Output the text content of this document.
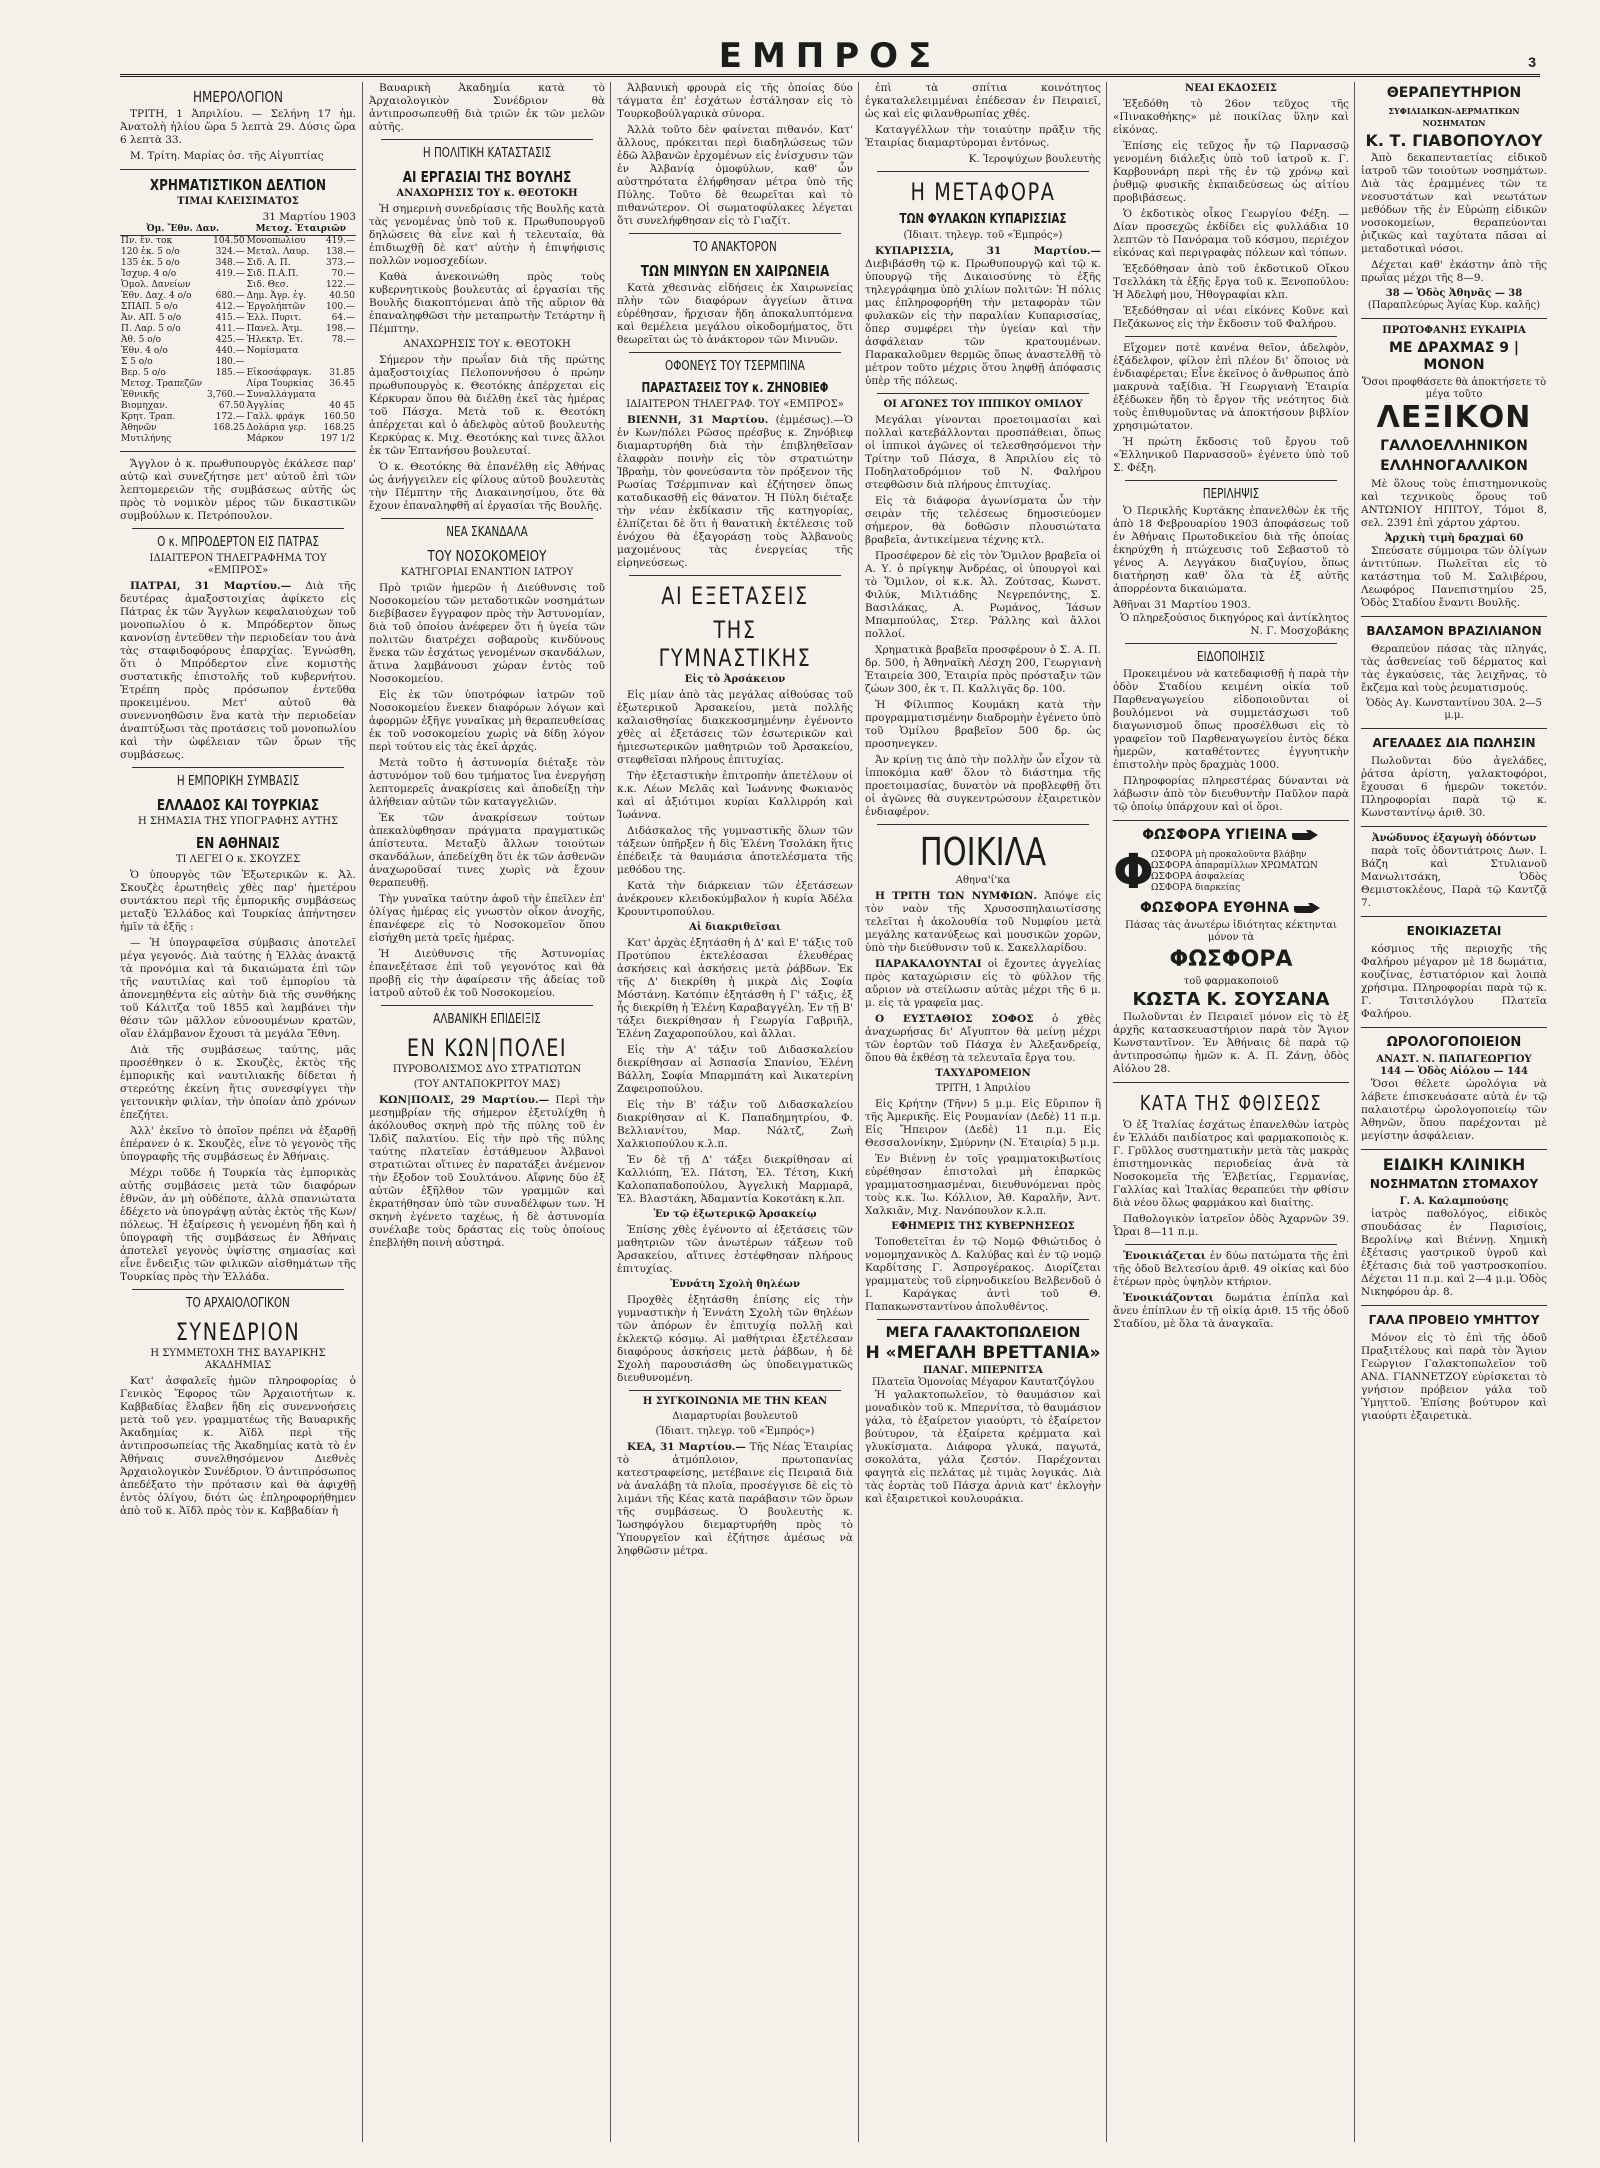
ΕΜΠΡΟΣ	3
ΗΜΕΡΟΛΟΓΙΟΝ

ΤΡΙΤΗ, 1 Ἀπριλίου. — Σελήνη 17 ἡμ. Ἀνατολὴ ἡλίου ὥρα 5 λεπτὰ 29. Δύσις ὥρα 6 λεπτὰ 33.

Μ. Τρίτη. Μαρίας ὁσ. τῆς Αἰγυπτίας

ΧΡΗΜΑΤΙΣΤΙΚΟΝ ΔΕΛΤΙΟΝ
ΤΙΜΑΙ ΚΛΕΙΣΙΜΑΤΟΣ
31 Μαρτίου 1903
Ὀμ. Ἔθν. Δαν.		Μετοχ. Ἐταιριῶν	
Πν. ἔν. τοκ	104.50	Μονοπωλίου	419.—
120 ἑκ. 5 ο/ο	324.—	Μεταλ. Λαυρ.	138.—
135 ἑκ. 5 ο/ο	348.—	Σιδ. Α. Π.	373.—
Ἰσχυρ. 4 ο/ο	419.—	Σιδ. Π.Α.Π.	70.—
Ὁμολ. Δανείων		Σιδ. Θεσ.	122.—
Ἐθν. Δαχ. 4 ο/ο	680.—	Δημ. Ἀγρ. ἐγ.	40.50
ΣΠΑΠ. 5 ο/ο	412.—	Ἐργολήπτῶν	100.—
Ἀν. ΑΠ. 5 ο/ο	415.—	Ἑλλ. Πυριτ.	64.—
Π. Λαρ. 5 ο/ο	411.—	Πανελ. Ἀτμ.	198.—
Ἀθ. 5 ο/ο	425.—	Ἠλεκτρ. Ἐτ.	78.—
Ἐθν. 4 ο/ο	440.—	Νομίσματα	
Σ 5 ο/ο	180.—		
Βερ. 5 ο/ο	185.—	Εἰκοσάφραγκ.	31.85
Μετοχ. Τραπεζῶν		Λίρα Τουρκίας	36.45
Ἐθνικῆς	3,760.—	Συναλλάγματα	
Βιομηχαν.	67.50	Ἀγγλίας	40 45
Κρητ. Τραπ.	172.—	Γαλλ. φράγκ	160.50
Ἀθηνῶν	168.25	Δολάρια γερ.	168.25
Μυτιλήνης		Μάρκον	197 1/2

Ἄγγλον ὁ κ. πρωθυπουργὸς ἐκάλεσε παρ' αὐτῷ καὶ συνεζήτησε μετ' αὐτοῦ ἐπὶ τῶν λεπτομερειῶν τῆς συμβάσεως αὐτῆς ὡς πρὸς τὸ νομικὸν μέρος τῶν δικαστικῶν συμβούλων κ. Πετρόπουλον.

Ο κ. ΜΠΡΟΔΕΡΤΟΝ ΕΙΣ ΠΑΤΡΑΣ
ΙΔΙΑΙΤΕΡΟΝ ΤΗΛΕΓΡΑΦΗΜΑ ΤΟΥ «ΕΜΠΡΟΣ»

ΠΑΤΡΑΙ, 31 Μαρτίου.— Διὰ τῆς δευτέρας ἁμαξοστοιχίας ἀφίκετο εἰς Πάτρας ἐκ τῶν Ἄγγλων κεφαλαιούχων τοῦ μονοπωλίου ὁ κ. Μπρόδερτον ὅπως κανονίσῃ ἐντεῦθεν τὴν περιοδείαν του ἀνὰ τὰς σταφιδοφόρους ἐπαρχίας. Ἐγνώσθη, ὅτι ὁ Μπρόδερτον εἶνε κομιστὴς συστατικῆς ἐπιστολῆς τοῦ κυβερνήτου. Ἐτρέπη πρὸς πρόσωπον ἐντεῦθα προκειμένου. Μετ' αὐτοῦ θὰ συνεννοηθῶσιν ἕνα κατὰ τὴν περιοδείαν ἀναπτύξωσι τὰς προτάσεις τοῦ μονοπωλίου καὶ τὴν ὠφέλειαν τῶν ὅρων τῆς συμβάσεως.

Η ΕΜΠΟΡΙΚΗ ΣΥΜΒΑΣΙΣ
ΕΛΛΑΔΟΣ ΚΑΙ ΤΟΥΡΚΙΑΣ
Η ΣΗΜΑΣΙΑ ΤΗΣ ΥΠΟΓΡΑΦΗΣ ΑΥΤΗΣ
ΕΝ ΑΘΗΝΑΙΣ
ΤΙ ΛΕΓΕΙ Ο κ. ΣΚΟΥΖΕΣ

Ὁ ὑπουργὸς τῶν Ἐξωτερικῶν κ. Ἀλ. Σκουζὲς ἐρωτηθεὶς χθὲς παρ' ἡμετέρου συντάκτου περὶ τῆς ἐμπορικῆς συμβάσεως μεταξὺ Ἑλλάδος καὶ Τουρκίας ἀπήντησεν ἡμῖν τὰ ἑξῆς :

— Ἡ ὑπογραφεῖσα σύμβασις ἀποτελεῖ μέγα γεγονός. Διὰ ταύτης ἡ Ἑλλὰς ἀνακτᾷ τὰ προνόμια καὶ τὰ δικαιώματα ἐπὶ τῶν τῆς ναυτιλίας καὶ τοῦ ἐμπορίου τὰ ἀπονεμηθέντα εἰς αὐτὴν διὰ τῆς συνθήκης τοῦ Κάλιτζα τοῦ 1855 καὶ λαμβάνει τὴν θέσιν τῶν μᾶλλον εὐνοουμένων κρατῶν, οἵαν ἐλάμβανον ἔχουσι τὰ μεγάλα Ἔθνη.

Διὰ τῆς συμβάσεως ταύτης, μᾶς προσέθηκεν ὁ κ. Σκουζὲς, ἐκτὸς τῆς ἐμπορικῆς καὶ ναυτιλιακῆς δίδεται ἡ στερεότης ἐκείνη ἥτις συνεσφίγγει τὴν γειτονικὴν φιλίαν, τὴν ὁποίαν ἀπὸ χρόνων ἐπεζήτει.

Ἀλλ' ἐκεῖνο τὸ ὁποῖον πρέπει νὰ ἐξαρθῇ ἐπέρανεν ὁ κ. Σκουζὲς, εἶνε τὸ γεγονὸς τῆς ὑπογραφῆς τῆς συμβάσεως ἐν Ἀθήναις.

Μέχρι τοῦδε ἡ Τουρκία τὰς ἐμπορικὰς αὐτῆς συμβάσεις μετὰ τῶν διαφόρων ἐθνῶν, ἀν μὴ οὐδέποτε, ἀλλὰ σπανιώτατα ἐδέχετο νὰ ὑπογράψῃ αὐτὰς ἐκτὸς τῆς Κων/πόλεως. Ἡ ἐξαίρεσις ἡ γενομένη ἤδη καὶ ἡ ὑπογραφὴ τῆς συμβάσεως ἐν Ἀθήναις ἀποτελεῖ γεγονὸς ὑψίστης σημασίας καὶ εἶνε ἔνδειξις τῶν φιλικῶν αἰσθημάτων τῆς Τουρκίας πρὸς τὴν Ἑλλάδα.

ΤΟ ΑΡΧΑΙΟΛΟΓΙΚΟΝ
ΣΥΝΕΔΡΙΟΝ
Η ΣΥΜΜΕΤΟΧΗ ΤΗΣ ΒΑΥΑΡΙΚΗΣ ΑΚΑΔΗΜΙΑΣ

Κατ' ἀσφαλεῖς ἡμῶν πληροφορίας ὁ Γενικὸς Ἔφορος τῶν Ἀρχαιοτήτων κ. Καββαδίας ἔλαβεν ἤδη εἰς συνεννοήσεις μετὰ τοῦ γεν. γραμματέως τῆς Βαυαρικῆς Ἀκαδημίας κ. Ἀϊδλ περὶ τῆς ἀντιπροσωπείας τῆς Ἀκαδημίας κατὰ τὸ ἐν Ἀθήναις συνελθησόμενον Διεθνὲς Ἀρχαιολογικὸν Συνέδριον. Ὁ ἀντιπρόσωπος ἀπεδέξατο τὴν πρότασιν καὶ θὰ ἀφιχθῇ ἐντὸς ὀλίγου, διότι ὡς ἐπληροφορήθημεν ἀπὸ τοῦ κ. Ἀϊδλ πρὸς τὸν κ. Καββαδίαν ἡ

Βαυαρικὴ Ἀκαδημία κατὰ τὸ Ἀρχαιολογικὸν Συνέδριον θὰ ἀντιπροσωπευθῇ διὰ τριῶν ἐκ τῶν μελῶν αὐτῆς.

Η ΠΟΛΙΤΙΚΗ ΚΑΤΑΣΤΑΣΙΣ
ΑΙ ΕΡΓΑΣΙΑΙ ΤΗΣ ΒΟΥΛΗΣ
ΑΝΑΧΩΡΗΣΙΣ ΤΟΥ κ. ΘΕΟΤΟΚΗ

Ἡ σημερινὴ συνεδρίασις τῆς Βουλῆς κατὰ τὰς γενομένας ὑπὸ τοῦ κ. Πρωθυπουργοῦ δηλώσεις θὰ εἶνε καὶ ἡ τελευταία, θὰ ἐπιδιωχθῇ δὲ κατ' αὐτὴν ἡ ἐπιψήφισις πολλῶν νομοσχεδίων.

Καθὰ ἀνεκοινώθη πρὸς τοὺς κυβερνητικοὺς βουλευτὰς αἱ ἐργασίαι τῆς Βουλῆς διακοπτόμεναι ἀπὸ τῆς αὔριον θὰ ἐπαναληφθῶσι τὴν μεταπρωτὴν Τετάρτην ἢ Πέμπτην.

ΑΝΑΧΩΡΗΣΙΣ ΤΟΥ κ. ΘΕΟΤΟΚΗ

Σήμερον τὴν πρωΐαν διὰ τῆς πρώτης ἁμαξοστοιχίας Πελοποννήσου ὁ πρώην πρωθυπουργὸς κ. Θεοτόκης ἀπέρχεται εἰς Κέρκυραν ὅπου θὰ διέλθῃ ἐκεῖ τὰς ἡμέρας τοῦ Πάσχα. Μετὰ τοῦ κ. Θεοτόκη ἀπέρχεται καὶ ὁ ἀδελφὸς αὐτοῦ βουλευτὴς Κερκύρας κ. Μιχ. Θεοτόκης καὶ τινες ἄλλοι ἐκ τῶν Ἑπτανήσου βουλευταί.

Ὁ κ. Θεοτόκης θὰ ἐπανέλθῃ εἰς Ἀθήνας ὡς ἀνήγγειλεν εἰς φίλους αὐτοῦ βουλευτὰς τὴν Πέμπτην τῆς Διακαινησίμου, ὅτε θὰ ἔχουν ἐπαναληφθῆ αἱ ἐργασίαι τῆς Βουλῆς.

ΝΕΑ ΣΚΑΝΔΑΛΑ
ΤΟΥ ΝΟΣΟΚΟΜΕΙΟΥ
ΚΑΤΗΓΟΡΙΑΙ ΕΝΑΝΤΙΟΝ ΙΑΤΡΟΥ

Πρὸ τριῶν ἡμερῶν ἡ Διεύθυνσις τοῦ Νοσοκομείου τῶν μεταδοτικῶν νοσημάτων διεβίβασεν ἔγγραφον πρὸς τὴν Ἀστυνομίαν, διὰ τοῦ ὁποίου ἀνέφερεν ὅτι ἡ ὑγεία τῶν πολιτῶν διατρέχει σοβαροὺς κινδύνους ἕνεκα τῶν ἐσχάτως γενομένων σκανδάλων, ἅτινα λαμβάνουσι χώραν ἐντὸς τοῦ Νοσοκομείου.

Εἰς ἐκ τῶν ὑποτρόφων ἰατρῶν τοῦ Νοσοκομείου ἕνεκεν διαφόρων λόγων καὶ ἀφορμῶν ἐξῆγε γυναῖκας μὴ θεραπευθείσας ἐκ τοῦ νοσοκομείου χωρὶς νὰ δίδῃ λόγον περὶ τούτου εἰς τὰς ἐκεῖ ἀρχάς.

Μετὰ τοῦτο ἡ ἀστυνομία διέταξε τὸν ἀστυνόμον τοῦ 6ου τμήματος ἵνα ἐνεργήσῃ λεπτομερεῖς ἀνακρίσεις καὶ ἀποδείξῃ τὴν ἀλήθειαν αὐτῶν τῶν καταγγελιῶν.

Ἐκ τῶν ἀνακρίσεων τούτων ἀπεκαλύφθησαν πράγματα πραγματικῶς ἀπίστευτα. Μεταξὺ ἄλλων τοιούτων σκανδάλων, ἀπεδείχθη ὅτι ἐκ τῶν ἀσθενῶν ἀναχωροῦσαί τινες χωρὶς νὰ ἔχουν θεραπευθῇ.

Τὴν γυναῖκα ταύτην ἀφοῦ τὴν ἐπεῖλεν ἐπ' ὀλίγας ἡμέρας εἰς γνωστὸν οἶκον ἀνοχῆς, ἐπανέφερε εἰς τὸ Νοσοκομεῖον ὅπου εἰσήχθη μετὰ τρεῖς ἡμέρας.

Ἡ Διεύθυνσις τῆς Ἀστυνομίας ἐπανεξέτασε ἐπὶ τοῦ γεγονότος καὶ θὰ προβῇ εἰς τὴν ἀφαίρεσιν τῆς ἀδείας τοῦ ἰατροῦ αὐτοῦ ἐκ τοῦ Νοσοκομείου.

ΑΛΒΑΝΙΚΗ ΕΠΙΔΕΙΞΙΣ
ΕΝ ΚΩΝ|ΠΟΛΕΙ
ΠΥΡΟΒΟΛΙΣΜΟΣ ΔΥΟ ΣΤΡΑΤΙΩΤΩΝ
(ΤΟΥ ΑΝΤΑΠΟΚΡΙΤΟΥ ΜΑΣ)

ΚΩΝ|ΠΟΛΙΣ, 29 Μαρτίου.— Περὶ τὴν μεσημβρίαν τῆς σήμερον ἐξετυλίχθη ἡ ἀκόλουθος σκηνὴ πρὸ τῆς πύλης τοῦ ἐν Ἰλδὶζ παλατίου. Εἰς τὴν πρὸ τῆς πύλης ταύτης πλατεῖαν ἑστάθμευον Ἀλβανοὶ στρατιῶται οἵτινες ἐν παρατάξει ἀνέμενον τὴν ἔξοδον τοῦ Σουλτάνου. Αἴφνης δύο ἐξ αὐτῶν ἐξῆλθον τῶν γραμμῶν καὶ ἐκρατήθησαν ὑπὸ τῶν συναδέλφων των. Ἡ σκηνὴ ἐγένετο ταχέως, ἡ δὲ ἀστυνομία συνέλαβε τοὺς δράστας εἰς τοὺς ὁποίους ἐπεβλήθη ποινὴ αὐστηρά.

Ἀλβανικὴ φρουρὰ εἰς τῆς ὁποίας δύο τάγματα ἐπ' ἐσχάτων ἐστάλησαν εἰς τὸ Τουρκοβούλγαρικὰ σύνορα.

Ἀλλὰ τοῦτο δὲν φαίνεται πιθανόν. Κατ' ἄλλους, πρόκειται περὶ διαδηλώσεως τῶν ἐδῶ Ἀλβανῶν ἐρχομένων εἰς ἐνίσχυσιν τῶν ἐν Ἀλβανίᾳ ὁμοφύλων, καθ' ὧν αὐστηρότατα ἐλήφθησαν μέτρα ὑπὸ τῆς Πύλης. Τοῦτο δὲ θεωρεῖται καὶ τὸ πιθανώτερον. Οἱ σωματοφύλακες λέγεται ὅτι συνελήφθησαν εἰς τὸ Γιαζίτ.

ΤΟ ΑΝΑΚΤΟΡΟΝ
ΤΩΝ ΜΙΝΥΩΝ ΕΝ ΧΑΙΡΩΝΕΙΑ

Κατὰ χθεσινὰς εἰδήσεις ἐκ Χαιρωνείας πλὴν τῶν διαφόρων ἀγγείων ἅτινα εὑρέθησαν, ἤρχισαν ἤδη ἀποκαλυπτόμενα καὶ θεμέλεια μεγάλου οἰκοδομήματος, ὅτι θεωρεῖται ὡς τὸ ἀνάκτορον τῶν Μινυῶν.

ΟΦΟΝΕΥΣ ΤΟΥ ΤΣΕΡΜΠΙΝΑ
ΠΑΡΑΣΤΑΣΕΙΣ ΤΟΥ κ. ΖΗΝΟΒΙΕΦ
ΙΔΙΑΙΤΕΡΟΝ ΤΗΛΕΓΡΑΦ. ΤΟΥ «ΕΜΠΡΟΣ»

ΒΙΕΝΝΗ, 31 Μαρτίου. (ἐμμέσως).—Ὁ ἐν Κων/πόλει Ρῶσος πρέσβυς κ. Ζηνόβιεφ διαμαρτυρήθη διὰ τὴν ἐπιβληθεῖσαν ἐλαφρὰν ποινὴν εἰς τὸν στρατιώτην Ἰβραὴμ, τὸν φονεύσαντα τὸν πρόξενον τῆς Ρωσίας Τσέρμπιναν καὶ ἐζήτησεν ὅπως καταδικασθῇ εἰς θάνατον. Ἡ Πύλη διέταξε τὴν νέαν ἐκδίκασιν τῆς κατηγορίας, ἐλπίζεται δὲ ὅτι ἡ θανατικὴ ἐκτέλεσις τοῦ ἐνόχου θὰ ἐξαγοράσῃ τοὺς Ἀλβανοὺς μαχομένους τὰς ἐνεργείας τῆς εἰρηνεύσεως.

ΑΙ ΕΞΕΤΑΣΕΙΣ
ΤΗΣ ΓΥΜΝΑΣΤΙΚΗΣ
Εἰς τὸ Ἀρσάκειον

Εἰς μίαν ἀπὸ τὰς μεγάλας αἰθούσας τοῦ ἐξωτερικοῦ Ἀρσακείου, μετὰ πολλῆς καλαισθησίας διακεκοσμημένην ἐγένοντο χθὲς αἱ ἐξετάσεις τῶν ἐσωτερικῶν καὶ ἡμιεσωτερικῶν μαθητριῶν τοῦ Ἀρσακείου, στεφθεῖσαι πλήρους ἐπιτυχίας.

Τὴν ἐξεταστικὴν ἐπιτροπὴν ἀπετέλουν οἱ κ.κ. Λέων Μελᾶς καὶ Ἰωάννης Φωκιανὸς καὶ αἱ ἀξιότιμοι κυρίαι Καλλιρρόη καὶ Ἰωάννα.

Διδάσκαλος τῆς γυμναστικῆς ὅλων τῶν τάξεων ὑπῆρξεν ἡ δὶς Ἑλένη Τσολάκη ἥτις ἐπέδειξε τὰ θαυμάσια ἀποτελέσματα τῆς μεθόδου της.

Κατὰ τὴν διάρκειαν τῶν ἐξετάσεων ἀνέκρουεν κλειδοκύμβαλον ἡ κυρία Ἀδέλα Κρουντιροπούλου.

Αἱ διακριθεῖσαι

Κατ' ἀρχὰς ἐξητάσθη ἡ Δ' καὶ Ε' τάξις τοῦ Προτύπου ἐκτελέσασαι ἐλευθέρας ἀσκήσεις καὶ ἀσκήσεις μετὰ ῥάβδων. Ἐκ τῆς Δ' διεκρίθη ἡ μικρὰ Δὶς Σοφία Μόστάνη. Κατόπιν ἐξητάσθη ἡ Γ' τάξις, ἐξ ἧς διεκρίθη ἡ Ἐλένη Καραβαγγέλη. Ἐν τῇ Β' τάξει διεκρίθησαν ἡ Γεωργία Γαβριῆλ, Ἑλένη Ζαχαροπούλου, καὶ ἄλλαι.

Εἰς τὴν Α' τάξιν τοῦ Διδασκαλείου διεκρίθησαν αἱ Ἀσπασία Σπανίου, Ἑλένη Βάλλη, Σοφία Μπαρμπάτη καὶ Ἀικατερίνη Ζαφειροπούλου.

Εἰς τὴν Β' τάξιν τοῦ Διδασκαλείου διακρίθησαν αἱ Κ. Παπαδημητρίου, Φ. Βελλιανίτου, Μαρ. Νάλτζ, Ζωὴ Χαλκιοπούλου κ.λ.π.

Ἐν δὲ τῇ Δ' τάξει διεκρίθησαν αἱ Καλλιόπη, Ἐλ. Πάτση, Ἐλ. Τέτση, Κική Καλοπαπαδοπούλου, Ἀγγελικὴ Μαρμαρᾶ, Ἐλ. Βλαστάκη, Ἀδαμαντία Κοκοτάκη κ.λπ.

Ἐν τῷ ἐξωτερικῷ Ἀρσακείῳ

Ἐπίσης χθὲς ἐγένοντο αἱ ἐξετάσεις τῶν μαθητριῶν τῶν ἀνωτέρων τάξεων τοῦ Ἀρσακείου, αἵτινες ἐστέφθησαν πλήρους ἐπιτυχίας.

Ἐννάτη Σχολὴ θηλέων

Προχθὲς ἐξητάσθη ἐπίσης εἰς τὴν γυμναστικὴν ἡ Ἐννάτη Σχολὴ τῶν θηλέων τῶν ἀπόρων ἐν ἐπιτυχίᾳ πολλῇ καὶ ἐκλεκτῷ κόσμῳ. Αἱ μαθήτριαι ἐξετέλεσαν διαφόρους ἀσκήσεις μετὰ ῥάβδων, ἡ δὲ Σχολὴ παρουσιάσθη ὡς ὑποδειγματικῶς διευθυνομένη.

Η ΣΥΓΚΟΙΝΩΝΙΑ ΜΕ ΤΗΝ ΚΕΑΝ
Διαμαρτυρίαι βουλευτοῦ
(Ἰδιαιτ. τηλεγρ. τοῦ «Ἐμπρός»)

ΚΕΑ, 31 Μαρτίου.— Τῆς Νέας Ἑταιρίας τὸ ἀτμόπλοιον, πρωτοπανίας κατεστραφείσης, μετέβαινε εἰς Πειραιᾶ διὰ νὰ ἀναλάβῃ τὰ πλοῖα, προσέγγισε δὲ εἰς τὸ λιμάνι τῆς Κέας κατὰ παράβασιν τῶν ὅρων τῆς συμβάσεως. Ὁ βουλευτὴς κ. Ἰωσηφόγλου διεμαρτυρήθη πρὸς τὸ Ὑπουργεῖον καὶ ἐζήτησε ἀμέσως νὰ ληφθῶσιν μέτρα.

ἐπὶ τὰ σπίτια κοινότητος ἐγκαταλελειμμέναι ἐπέδεσαν ἐν Πειραιεῖ, ὡς καὶ εἰς φιλανθρωπίας χθές.

Καταγγέλλων τὴν τοιαύτην πρᾶξιν τῆς Ἑταιρίας διαμαρτύρομαι ἐντόνως.

Κ. Ἱεροψύχων βουλευτὴς
Η ΜΕΤΑΦΟΡΑ
ΤΩΝ ΦΥΛΑΚΩΝ ΚΥΠΑΡΙΣΣΙΑΣ
(Ἰδιαιτ. τηλεγρ. τοῦ «Ἐμπρός»)

ΚΥΠΑΡΙΣΣΙΑ, 31 Μαρτίου.— Διεβιβάσθη τῷ κ. Πρωθυπουργῷ καὶ τῷ κ. ὑπουργῷ τῆς Δικαιοσύνης τὸ ἑξῆς τηλεγράφημα ὑπὸ χιλίων πολιτῶν: Ἡ πόλις μας ἐπληροφορήθη τὴν μεταφορὰν τῶν φυλακῶν εἰς τὴν παραλίαν Κυπαρισσίας, ὅπερ συμφέρει τὴν ὑγείαν καὶ τὴν ἀσφάλειαν τῶν κρατουμένων. Παρακαλοῦμεν θερμῶς ὅπως ἀναστελθῇ τὸ μέτρον τοῦτο μέχρις ὅτου ληφθῇ ἀπόφασις ὑπὲρ τῆς πόλεως.

ΟΙ ΑΓΩΝΕΣ ΤΟΥ ΙΠΠΙΚΟΥ ΟΜΙΛΟΥ

Μεγάλαι γίνονται προετοιμασίαι καὶ πολλαὶ κατεβάλλονται προσπάθειαι, ὅπως οἱ ἱππικοὶ ἀγῶνες οἱ τελεσθησόμενοι τὴν Τρίτην τοῦ Πάσχα, 8 Ἀπριλίου εἰς τὸ Ποδηλατοδρόμιον τοῦ Ν. Φαλήρου στεφθῶσιν διὰ πλήρους ἐπιτυχίας.

Εἰς τὰ διάφορα ἀγωνίσματα ὧν τὴν σειρὰν τῆς τελέσεως δημοσιεύομεν σήμερον, θὰ δοθῶσιν πλουσιώτατα βραβεῖα, ἀντικείμενα τέχνης κτλ.

Προσέφερον δὲ εἰς τὸν Ὅμιλον βραβεῖα οἱ Α. Υ. ὁ πρίγκηψ Ἀνδρέας, οἱ ὑπουργοὶ καὶ τὸ Ὅμιλον, οἱ κ.κ. Ἀλ. Ζούτσας, Κωνστ. Φιλύκ, Μιλτιάδης Νεγρεπόντης, Σ. Βασιλάκας, Α. Ρωμάνος, Ἰάσων Μπαμπούλας, Στερ. Ῥάλλης καὶ ἄλλοι πολλοί.

Χρηματικὰ βραβεῖα προσφέρουν ὁ Σ. Α. Π. δρ. 500, ἡ Ἀθηναϊκὴ Λέσχη 200, Γεωργιανὴ Ἑταιρεία 300, Ἑταιρία πρὸς πρόσταξιν τῶν ζώων 300, ἐκ τ. Π. Καλλιγᾶς δρ. 100.

Ἡ Φίλιππος Κουμάκη κατὰ τὴν προγραμματισμένην διαδρομὴν ἐγένετο ὑπὸ τοῦ Ὁμίλου βραβεῖον 500 δρ. ὡς προσηνεγκεν.

Ἀν κρίνῃ τις ἀπὸ τὴν πολλὴν ὧν εἶχον τὰ ἱπποκόμια καθ' ὅλον τὸ διάστημα τῆς προετοιμασίας, δυνατὸν νὰ προβλεφθῇ ὅτι οἱ ἀγῶνες θὰ συγκεντρώσουν ἐξαιρετικὸν ἐνδιαφέρον.

ΠΟΙΚΙΛΑ
Αθηνα'ί'κα

Η ΤΡΙΤΗ ΤΩΝ ΝΥΜΦΙΩΝ. Ἀπόψε εἰς τὸν ναὸν τῆς Χρυσοσπηλαιωτίσσης τελεῖται ἡ ἀκολουθία τοῦ Νυμφίου μετὰ μεγάλης κατανύξεως καὶ μουσικῶν χορῶν, ὑπὸ τὴν διεύθυνσιν τοῦ κ. Σακελλαρίδου.

ΠΑΡΑΚΑΛΟΥΝΤΑΙ οἱ ἔχοντες ἀγγελίας πρὸς καταχώρισιν εἰς τὸ φύλλον τῆς αὔριον νὰ στείλωσιν αὐτὰς μέχρι τῆς 6 μ. μ. εἰς τὰ γραφεῖα μας.

Ο ΕΥΣΤΑΘΙΟΣ ΣΟΦΟΣ ὁ χθὲς ἀναχωρήσας δι' Αἴγυπτον θὰ μείνῃ μέχρι τῶν ἑορτῶν τοῦ Πάσχα ἐν Ἀλεξανδρείᾳ, ὅπου θὰ ἐκθέσῃ τὰ τελευταῖα ἔργα του.

ΤΑΧΥΔΡΟΜΕΙΟΝ
ΤΡΙΤΗ, 1 Ἀπριλίου

Εἰς Κρήτην (Τῆνν) 5 μ.μ. Εἰς Εὔριπον ἢ τῆς Ἀμερικῆς. Εἰς Ρουμανίαν (Δεδὲ) 11 π.μ. Εἰς Ἤπειρον (Δεδὲ) 11 π.μ. Εἰς Θεσσαλονίκην, Σμύρνην (Ν. Ἑταιρία) 5 μ.μ.

Ἐν Βιέννῃ ἐν τοῖς γραμματοκιβωτίοις εὑρέθησαν ἐπιστολαὶ μὴ ἐπαρκῶς γραμματοσημασμέναι, διευθυνόμεναι πρὸς τοὺς κ.κ. Ἰω. Κόλλιον, Ἀθ. Καραλῆν, Ἀντ. Χαλκιᾶν, Μιχ. Νανόπουλον κ.λ.π.

ΕΦΗΜΕΡΙΣ ΤΗΣ ΚΥΒΕΡΝΗΣΕΩΣ

Τοποθετεῖται ἐν τῷ Νομῷ Φθιώτιδος ὁ νομομηχανικὸς Δ. Καλύβας καὶ ἐν τῷ νομῷ Καρδίτσης Γ. Ἀσπρογέρακος. Διορίζεται γραμματεὺς τοῦ εἰρηνοδικείου Βελβενδοῦ ὁ Ι. Καράγκας ἀντὶ τοῦ Θ. Παπακωνσταντίνου ἀπολυθέντος.

ΜΕΓΑ ΓΑΛΑΚΤΟΠΩΛΕΙΟΝ
Η «ΜΕΓΑΛΗ ΒΡΕΤΤΑΝΙΑ»
ΠΑΝΑΓ. ΜΠΕΡΝΙΤΣΑ
Πλατεῖα Ὁμονοίας Μέγαρον Καυτατζόγλου

Ἡ γαλακτοπωλεῖον, τὸ θαυμάσιον καὶ μοναδικὸν τοῦ κ. Μπερνίτσα, τὸ θαυμάσιον γάλα, τὸ ἐξαίρετον γιαούρτι, τὸ ἐξαίρετον βούτυρον, τὰ ἐξαίρετα κρέμματα καὶ γλυκίσματα. Διάφορα γλυκά, παγωτά, σοκολάτα, γάλα ζεστόν. Παρέχονται φαγητὰ εἰς πελάτας μὲ τιμὰς λογικάς. Διὰ τὰς ἑορτὰς τοῦ Πάσχα ἀρνιὰ κατ' ἐκλογὴν καὶ ἐξαιρετικοὶ κουλουράκια.

ΝΕΑΙ ΕΚΔΟΣΕΙΣ

Ἐξεδόθη τὸ 26ον τεῦχος τῆς «Πινακοθήκης» μὲ ποικίλας ὕλην καὶ εἰκόνας.

Ἐπίσης εἰς τεῦχος ἦν τῷ Παρνασσῷ γενομένη διάλεξις ὑπὸ τοῦ ἰατροῦ κ. Γ. Καρβουνάρη περὶ τῆς ἐν τῷ χρόνῳ καὶ ῥυθμῷ φυσικῆς ἐκπαιδεύσεως ὡς αἰτίου προβιβάσεως.

Ὁ ἐκδοτικὸς οἶκος Γεωργίου Φέξη. — Δίαν προσεχῶς ἐκδίδει εἰς φυλλάδια 10 λεπτῶν τὸ Πανόραμα τοῦ κόσμου, περιέχον εἰκόνας καὶ περιγραφὰς πόλεων καὶ τόπων.

Ἐξεδόθησαν ἀπὸ τοῦ ἐκδοτικοῦ Οἴκου Τσελλάκη τὰ ἑξῆς ἔργα τοῦ κ. Ξενοπούλου: Ἡ Ἀδελφή μου, Ἠθογραφίαι κλπ.

Ἐξεδόθησαν αἱ νέαι εἰκόνες Κοῦνε καὶ Πεζάκωνος εἰς τὴν ἔκδοσιν τοῦ Φαλήρου.

Εἴχομεν ποτὲ κανένα θεῖον, ἀδελφὸν, ἐξάδελφον, φίλον ἐπὶ πλέον δι' ὅποιος νὰ ἐνδιαφέρεται; Εἶνε ἐκεῖνος ὁ ἄνθρωπος ἀπὸ μακρυνὰ ταξίδια. Ἡ Γεωργιανὴ Ἑταιρία ἐξέδωκεν ἤδη τὸ ἔργον τῆς νεότητος διὰ τοὺς ἐπιθυμοῦντας νὰ ἀποκτήσουν βιβλίον χρησιμώτατον.

Ἡ πρώτη ἔκδοσις τοῦ ἔργου τοῦ «Ἑλληνικοῦ Παρνασσοῦ» ἐγένετο ὑπὸ τοῦ Σ. Φέξη.

ΠΕΡΙΛΗΨΙΣ

Ὁ Περικλῆς Κυρτάκης ἐπανελθὼν ἐκ τῆς ἀπὸ 18 Φεβρουαρίου 1903 ἀποφάσεως τοῦ ἐν Ἀθήναις Πρωτοδικείου διὰ τῆς ὁποίας ἐκηρύχθη ἡ πτώχευσις τοῦ Σεβαστοῦ τὸ γένος Α. Λεγγάκου διαζυγίου, ὅπως διατήρησῃ καθ' ὅλα τὰ ἐξ αὐτῆς ἀπορρέοντα δικαιώματα.

Ἀθῆναι 31 Μαρτίου 1903.
Ὁ πληρεξούσιος δικηγόρος καὶ ἀντίκλητος Ν. Γ. Μοσχοβάκης
ΕΙΔΟΠΟΙΗΣΙΣ

Προκειμένου νὰ κατεδαφισθῇ ἡ παρὰ τὴν ὁδὸν Σταδίου κειμένη οἰκία τοῦ Παρθεναγωγείου εἰδοποιοῦνται οἱ βουλόμενοι νὰ συμμετάσχωσι τοῦ διαγωνισμοῦ ὅπως προσέλθωσι εἰς τὸ γραφεῖον τοῦ Παρθεναγωγείου ἐντὸς δέκα ἡμερῶν, καταθέτοντες ἐγγυητικὴν ἐπιστολὴν πρὸς δραχμὰς 1000.

Πληροφορίας πληρεστέρας δύνανται νὰ λάβωσιν ἀπὸ τὸν διευθυντὴν Παῦλον παρὰ τῷ ὁποίῳ ὑπάρχουν καὶ οἱ ὅροι.

ΦΩΣΦΟΡΑ ΥΓΙΕΙΝΑ
Φ
ΩΣΦΟΡΑ μὴ προκαλοῦντα βλάβην
ΩΣΦΟΡΑ ἀπαραμίλλων ΧΡΩΜΑΤΩΝ
ΩΣΦΟΡΑ ἀσφαλείας
ΩΣΦΟΡΑ διαρκείας
ΦΩΣΦΟΡΑ ΕΥΘΗΝΑ
Πάσας τὰς ἀνωτέρω ἰδιότητας κέκτηνται μόνον τὰ
ΦΩΣΦΟΡΑ
τοῦ φαρμακοποιοῦ
ΚΩΣΤΑ Κ. ΣΟΥΣΑΝΑ

Πωλοῦνται ἐν Πειραιεῖ μόνον εἰς τὸ ἐξ ἀρχῆς κατασκευαστήριον παρὰ τὸν Ἅγιον Κωνσταντῖνον. Ἐν Ἀθήναις δὲ παρὰ τῷ ἀντιπροσώπῳ ἡμῶν κ. Α. Π. Ζάνῃ, ὁδὸς Αἰόλου 28.

ΚΑΤΑ ΤΗΣ ΦΘΙΣΕΩΣ

Ὁ ἐξ Ἰταλίας ἐσχάτως ἐπανελθὼν ἰατρὸς ἐν Ἑλλάδι παιδίατρος καὶ φαρμακοποιὸς κ. Γ. Γρῦλλος συστηματικὴν μετὰ τὰς μακρὰς ἐπιστημονικὰς περιοδείας ἀνὰ τὰ Νοσοκομεῖα τῆς Ἑλβετίας, Γερμανίας, Γαλλίας καὶ Ἰταλίας θεραπεύει τὴν φθίσιν διὰ νέου ὅλως φαρμάκου καὶ διαίτης.

Παθολογικὸν ἰατρεῖον ὁδὸς Ἀχαρνῶν 39. Ὧραι 8—11 π.μ.

Ἐνοικιάζεται ἐν δύω πατώματα τῆς ἐπὶ τῆς ὁδοῦ Βελτεσίου ἀριθ. 49 οἰκίας καὶ δύο ἑτέρων πρὸς ὑψηλὸν κτήριον.

Ἐνοικιάζονται δωμάτια ἐπίπλα καὶ ἄνευ ἐπίπλων ἐν τῇ οἰκίᾳ ἀριθ. 15 τῆς ὁδοῦ Σταδίου, μὲ ὅλα τὰ ἀναγκαῖα.

ΘΕΡΑΠΕΥΤΗΡΙΟΝ
ΣΥΦΙΛΙΔΙΚΩΝ-ΔΕΡΜΑΤΙΚΩΝ ΝΟΣΗΜΑΤΩΝ
Κ. Τ. ΓΙΑΒΟΠΟΥΛΟΥ

Ἀπὸ δεκαπενταετίας εἰδικοῦ ἰατροῦ τῶν τοιούτων νοσημάτων. Διὰ τὰς ἐραμμένες τῶν τε νεοσυστάτων καὶ νεωτάτων μεθόδων τῆς ἐν Εὐρώπῃ εἰδικῶν νοσοκομείων, θεραπεύονται ῥιζικῶς καὶ ταχύτατα πᾶσαι αἱ μεταδοτικαὶ νόσοι.

Δέχεται καθ' ἑκάστην ἀπὸ τῆς πρωΐας μέχρι τῆς 8—9.

38 — Ὁδὸς Ἀθηνᾶς — 38
(Παραπλεύρως Ἁγίας Κυρ. καλῆς)
ΠΡΩΤΟΦΑΝΗΣ ΕΥΚΑΙΡΙΑ
ΜΕ ΔΡΑΧΜΑΣ 9 | ΜΟΝΟΝ
Ὅσοι προφθάσετε θὰ ἀποκτήσετε τὸ μέγα τοῦτο
ΛΕΞΙΚΟΝ
ΓΑΛΛΟΕΛΛΗΝΙΚΟΝ
ΕΛΛΗΝΟΓΑΛΛΙΚΟΝ

Μὲ ὅλους τοὺς ἐπιστημονικοὺς καὶ τεχνικοὺς ὅρους τοῦ ΑΝΤΩΝΙΟΥ ΗΠΙΤΟΥ, Τόμοι 8, σελ. 2391 ἐπὶ χάρτου χάρτου.

Ἀρχικὴ τιμὴ δραχμαὶ 60

Σπεύσατε σύμμοιρα τῶν ὀλίγων ἀντιτύπων. Πωλεῖται εἰς τὸ κατάστημα τοῦ Μ. Σαλιβέρου, Λεωφόρος Πανεπιστημίου 25, Ὁδὸς Σταδίου ἔναντι Βουλῆς.

ΒΑΛΣΑΜΟΝ ΒΡΑΖΙΛΙΑΝΟΝ

Θεραπεύον πάσας τὰς πληγάς, τὰς ἀσθενείας τοῦ δέρματος καὶ τὰς ἐγκαύσεις, τὰς λειχῆνας, τὸ ἔκζεμα καὶ τοὺς ῥευματισμούς.

Ὁδὸς Αγ. Κωνσταντίνου 30Α. 2—5 μ.μ.
ΑΓΕΛΑΔΕΣ ΔΙΑ ΠΩΛΗΣΙΝ

Πωλοῦνται δύο ἀγελάδες, ῥάτσα ἀρίστη, γαλακτοφόροι, ἔχουσαι 6 ἡμερῶν τοκετόν. Πληροφορίαι παρὰ τῷ κ. Κωνσταντίνῳ ἀριθ. 30.

Ἀνώδυνος ἐξαγωγὴ ὀδόντων

παρὰ τοῖς ὀδοντιάτροις Δων. Ι. Βάζη καὶ Στυλιανοῦ Μανωλιτσάκη, Ὁδὸς Θεμιστοκλέους, Παρὰ τῷ Καντζᾷ 7.

ΕΝΟΙΚΙΑΖΕΤΑΙ

κόσμιος τῆς περιοχῆς τῆς Φαλήρου μέγαρον μὲ 18 δωμάτια, κουζίνας, ἑστιατόριον καὶ λοιπὰ χρήσιμα. Πληροφορίαι παρὰ τῷ κ. Γ. Τσιτσιλόγλου Πλατεῖα Φαλήρου.

ΩΡΟΛΟΓΟΠΟΙΕΙΟΝ
ΑΝΑΣΤ. Ν. ΠΑΠΑΓΕΩΡΓΙΟΥ
144 — Ὁδὸς Αἰόλου — 144

Ὅσοι θέλετε ὡρολόγια νὰ λάβετε ἐπισκευάσατε αὐτὰ ἐν τῷ παλαιοτέρῳ ὡρολογοποιείῳ τῶν Ἀθηνῶν, ὅπου παρέχονται μὲ μεγίστην ἀσφάλειαν.

ΕΙΔΙΚΗ ΚΛΙΝΙΚΗ
ΝΟΣΗΜΑΤΩΝ ΣΤΟΜΑΧΟΥ
Γ. Α. Καλαμπούσης

ἰατρὸς παθολόγος, εἰδικὸς σπουδάσας ἐν Παρισίοις, Βερολίνῳ καὶ Βιέννῃ. Χημικὴ ἐξέτασις γαστρικοῦ ὑγροῦ καὶ ἐξέτασις διὰ τοῦ γαστροσκοπίου. Δέχεται 11 π.μ. καὶ 2—4 μ.μ. Ὁδὸς Νικηφόρου ἀρ. 8.

ΓΑΛΑ ΠΡΟΒΕΙΟ ΥΜΗΤΤΟΥ

Μόνον εἰς τὸ ἐπὶ τῆς ὁδοῦ Πραξιτέλους καὶ παρὰ τὸν Ἅγιον Γεώργιον Γαλακτοπωλεῖον τοῦ ΑΝΔ. ΓΙΑΝΝΕΤΖΟΥ εὑρίσκεται τὸ γνήσιον πρόβειον γάλα τοῦ Ὑμηττοῦ. Ἐπίσης βούτυρον καὶ γιαούρτι ἐξαιρετικὰ.
